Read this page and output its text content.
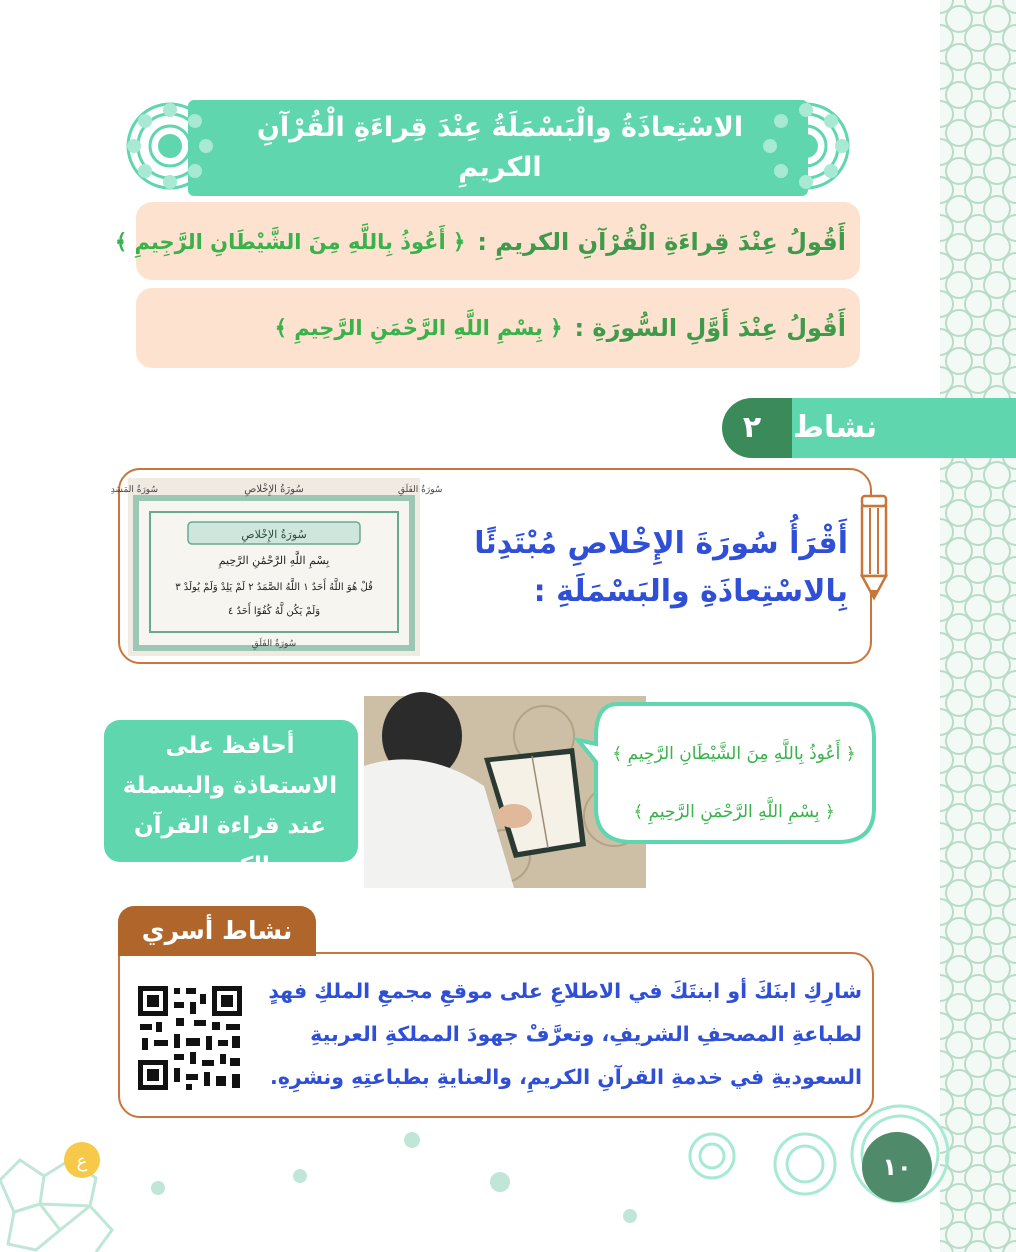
الاسْتِعاذَةُ والْبَسْمَلَةُ عِنْدَ قِراءَةِ الْقُرْآنِ الكريمِ
أَقُولُ عِنْدَ قِراءَةِ الْقُرْآنِ الكريمِ :
﴿ أَعُوذُ بِاللَّهِ مِنَ الشَّيْطَانِ الرَّجِيمِ ﴾
أَقُولُ عِنْدَ أَوَّلِ السُّورَةِ :
﴿ بِسْمِ اللَّهِ الرَّحْمَنِ الرَّحِيمِ ﴾
٢	نشاط
أَقْرَأُ سُورَةَ الإِخْلاصِ مُبْتَدِئًا بِالاسْتِعاذَةِ والبَسْمَلَةِ :
سُورَةُ الإِخْلاصِ	سُورَةُ الفَلَقِ
سُورَةُ المَسَدِ
سُورَةُ الإِخْلاصِ
بِسْمِ اللَّهِ الرَّحْمَٰنِ الرَّحِيمِ
قُلْ هُوَ اللَّهُ أَحَدٌ ١ اللَّهُ الصَّمَدُ ٢ لَمْ يَلِدْ وَلَمْ يُولَدْ ٣
وَلَمْ يَكُن لَّهُ كُفُوًا أَحَدٌ ٤
سُورَةُ الفَلَقِ
أحافظ على الاستعاذة والبسملة عند قراءة القرآن الكريم.
﴿ أَعُوذُ بِاللَّهِ مِنَ الشَّيْطَانِ الرَّجِيمِ ﴾
﴿ بِسْمِ اللَّهِ الرَّحْمَنِ الرَّحِيمِ ﴾
نشاط أسري
شارِكِ ابنَكَ أو ابنتَكَ في الاطلاعِ على موقعِ مجمعِ الملكِ فهدٍ لطباعةِ المصحفِ الشريفِ، وتعرَّفْ جهودَ المملكةِ العربيةِ السعوديةِ في خدمةِ القرآنِ الكريمِ، والعنايةِ بطباعتِهِ ونشرِهِ.
ع	١٠
